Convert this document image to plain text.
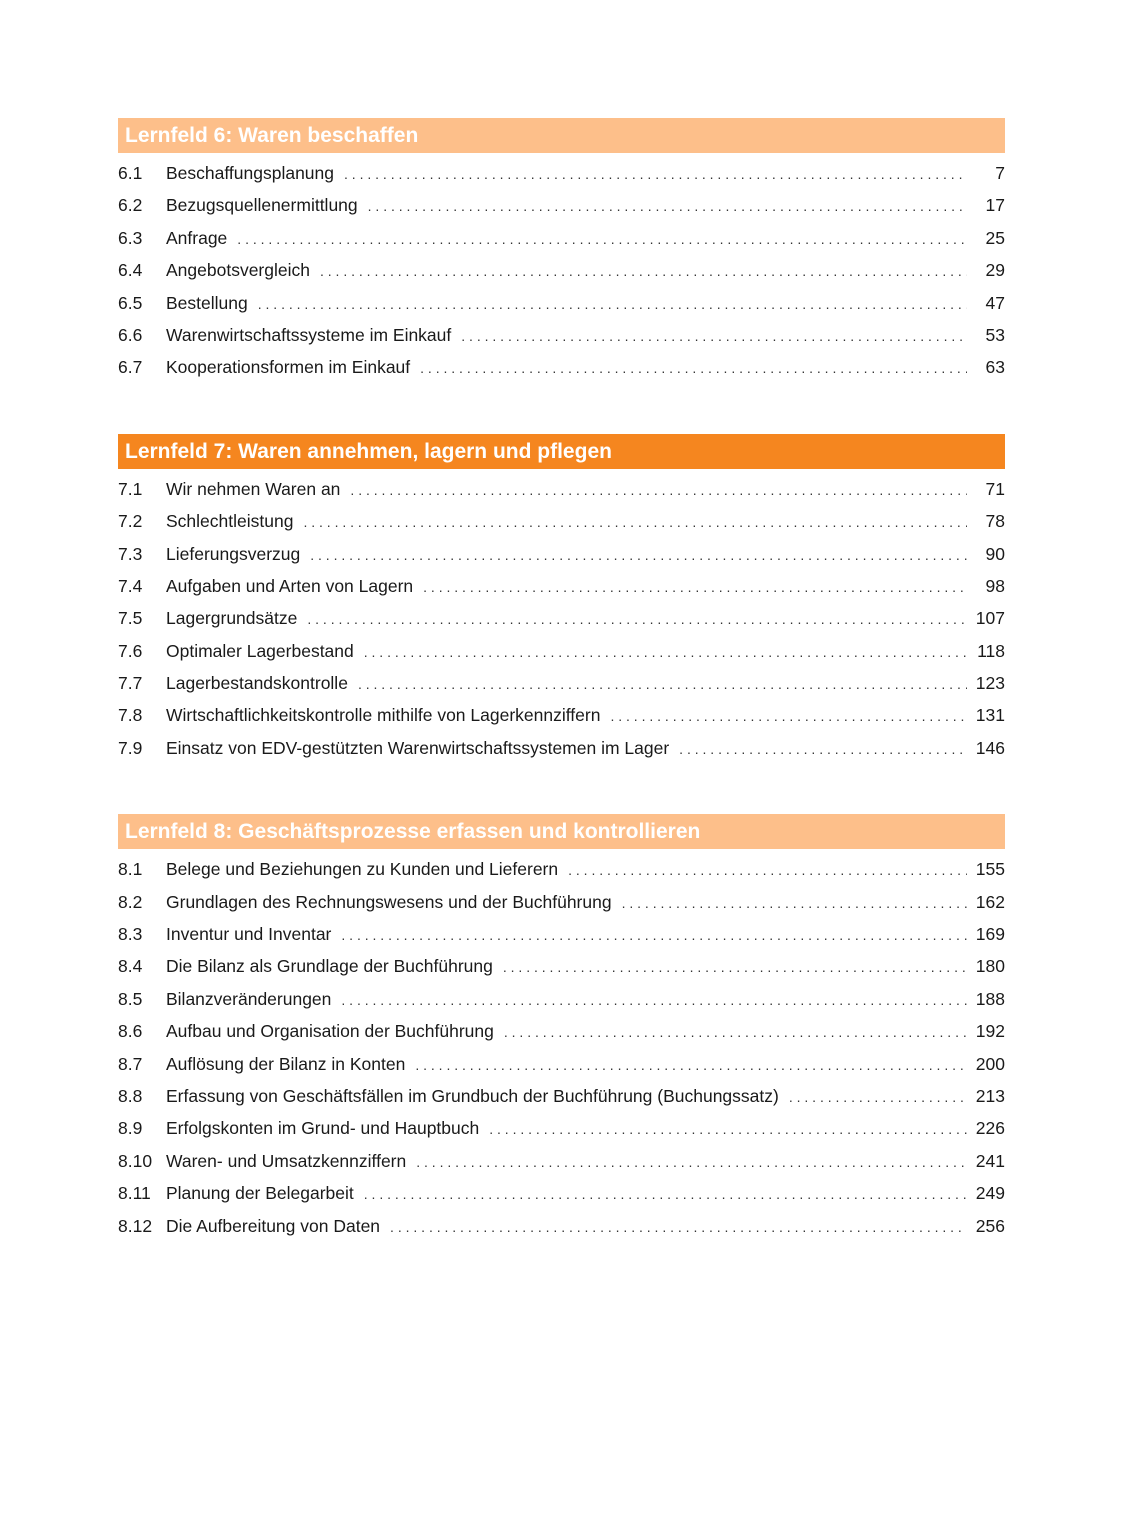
Lernfeld 6: Waren beschaffen
6.1	Beschaffungsplanung . . .	7
6.2	Bezugsquellenermittlung . . .	17
6.3	Anfrage . . .	25
6.4	Angebotsvergleich . . .	29
6.5	Bestellung . . .	47
6.6	Warenwirtschaftssysteme im Einkauf . . .	53
6.7	Kooperationsformen im Einkauf . . .	63
Lernfeld 7: Waren annehmen, lagern und pflegen
7.1	Wir nehmen Waren an . . .	71
7.2	Schlechtleistung . . .	78
7.3	Lieferungsverzug . . .	90
7.4	Aufgaben und Arten von Lagern . . .	98
7.5	Lagergrundsätze . . .	107
7.6	Optimaler Lagerbestand . . .	118
7.7	Lagerbestandskontrolle . . .	123
7.8	Wirtschaftlichkeitskontrolle mithilfe von Lagerkennziffern . . .	131
7.9	Einsatz von EDV-gestützten Warenwirtschaftssystemen im Lager . . .	146
Lernfeld 8: Geschäftsprozesse erfassen und kontrollieren
8.1	Belege und Beziehungen zu Kunden und Lieferern . . .	155
8.2	Grundlagen des Rechnungswesens und der Buchführung . . .	162
8.3	Inventur und Inventar . . .	169
8.4	Die Bilanz als Grundlage der Buchführung . . .	180
8.5	Bilanzveränderungen . . .	188
8.6	Aufbau und Organisation der Buchführung . . .	192
8.7	Auflösung der Bilanz in Konten . . .	200
8.8	Erfassung von Geschäftsfällen im Grundbuch der Buchführung (Buchungssatz) . . .	213
8.9	Erfolgskonten im Grund- und Hauptbuch . . .	226
8.10 Waren- und Umsatzkennziffern . . .	241
8.11 Planung der Belegarbeit . . .	249
8.12 Die Aufbereitung von Daten . . .	256
